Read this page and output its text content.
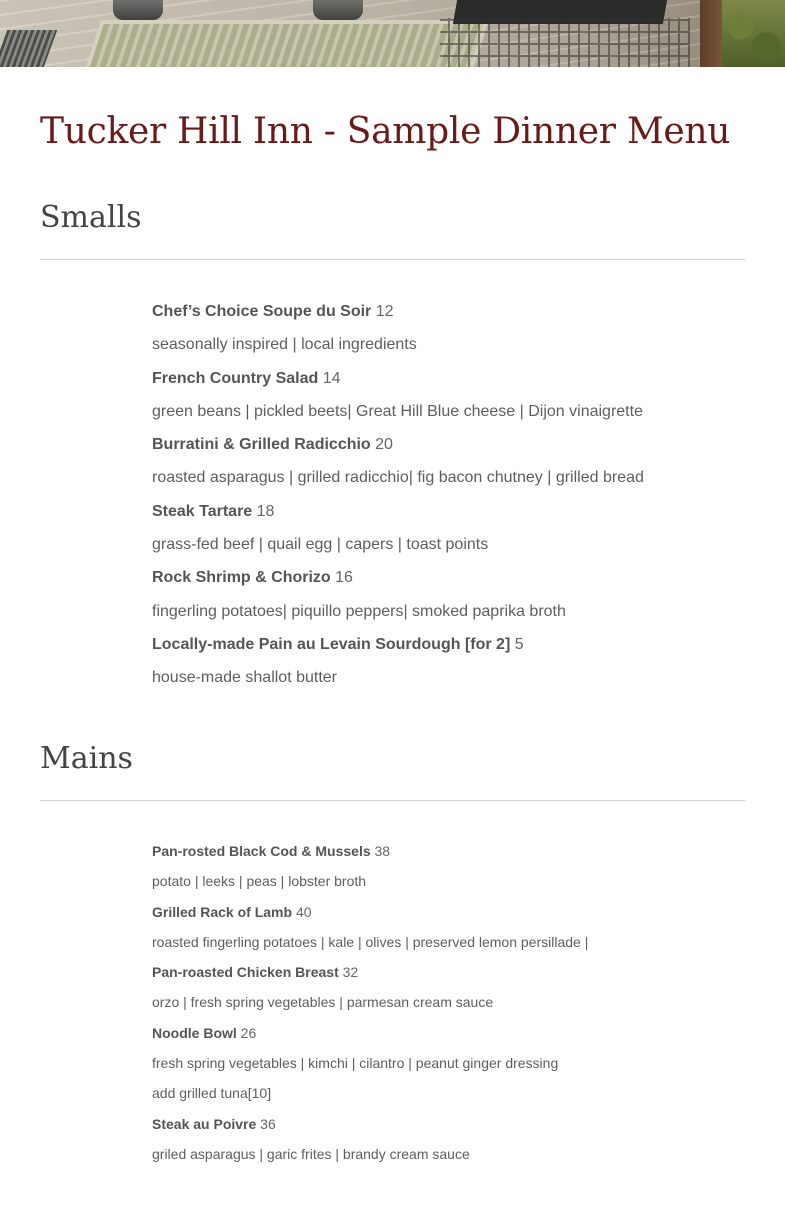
Tucker Hill Inn - Sample Dinner Menu
Smalls

Chef’s Choice Soupe du Soir 12

seasonally inspired | local ingredients

French Country Salad 14

green beans | pickled beets| Great Hill Blue cheese | Dijon vinaigrette

Burratini & Grilled Radicchio 20

roasted asparagus | grilled radicchio| fig bacon chutney | grilled bread

Steak Tartare 18

grass-fed beef | quail egg | capers | toast points

Rock Shrimp & Chorizo 16

fingerling potatoes| piquillo peppers| smoked paprika broth

Locally-made Pain au Levain Sourdough [for 2] 5

house-made shallot butter

Mains

Pan-rosted Black Cod & Mussels 38

potato | leeks | peas | lobster broth

Grilled Rack of Lamb 40

roasted fingerling potatoes | kale | olives | preserved lemon persillade |

Pan-roasted Chicken Breast 32

orzo | fresh spring vegetables | parmesan cream sauce

Noodle Bowl 26

fresh spring vegetables | kimchi | cilantro | peanut ginger dressing

add grilled tuna[10]

Steak au Poivre 36

griled asparagus | garic frites | brandy cream sauce
